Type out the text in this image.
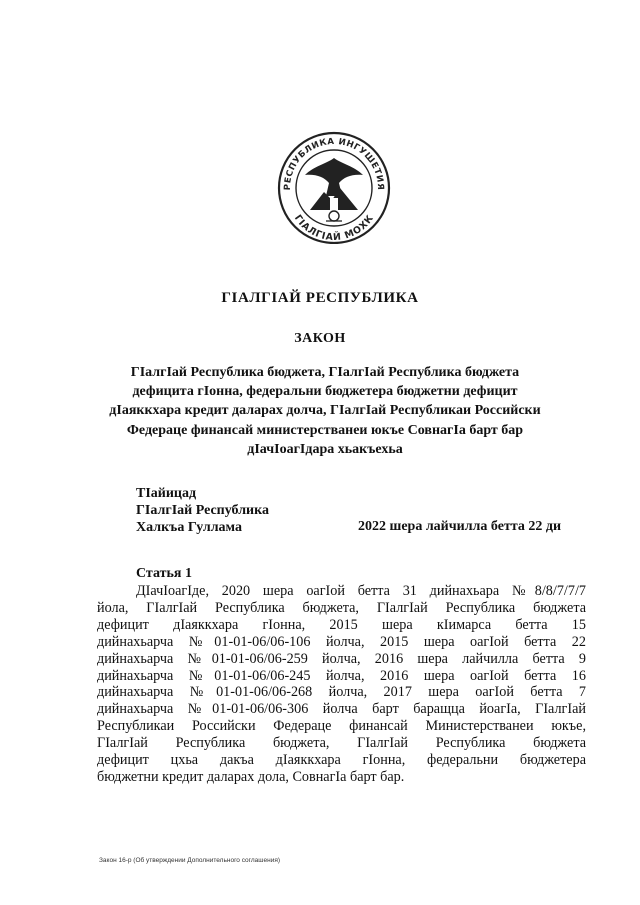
РЕСПУБЛИКА ИНГУШЕТИЯ
ГIАЛГIАЙ МОХК
ГIАЛГIАЙ РЕСПУБЛИКА
ЗАКОН
ГIалгIай Республика бюджета, ГIалгIай Республика бюджета
дефицита гIонна, федеральни бюджетера бюджетни дефицит
дIаяккхара кредит даларах долча, ГIалгIай Республикаи Российски
Федераце финансай министерстванеи юкъе СовнагIа барт бар
дIачIоагIдара хьакъехьа
ТIайицад
ГIалгIай Республика
Халкъа Гуллама	2022 шера лайчилла бетта 22 ди
Статья 1
ДIачIоагIде, 2020 шера оагIой бетта 31 дийнахьара №8/8/7/7/7
йола, ГIалгIай Республика бюджета, ГIалгIай Республика бюджета
дефицит дIаяккхара гIонна, 2015 шера кIимарса бетта 15
дийнахьарча №01-01-06/06-106 йолча, 2015 шера оагIой бетта 22
дийнахьарча №01-01-06/06-259 йолча, 2016 шера лайчилла бетта 9
дийнахьарча №01-01-06/06-245 йолча, 2016 шера оагIой бетта 16
дийнахьарча №01-01-06/06-268 йолча, 2017 шера оагIой бетта 7
дийнахьарча №01-01-06/06-306 йолча барт баращца йоагIа, ГIалгIай
Республикаи Российски Федераце финансай Министерстванеи юкъе,
ГIалгIай Республика бюджета, ГIалгIай Республика бюджета
дефицит цхьа дакъа дIаяккхара гIонна, федеральни бюджетера
бюджетни кредит даларах дола, СовнагIа барт бар.
Закон 16-р (Об утверждении Дополнительного соглашения)
